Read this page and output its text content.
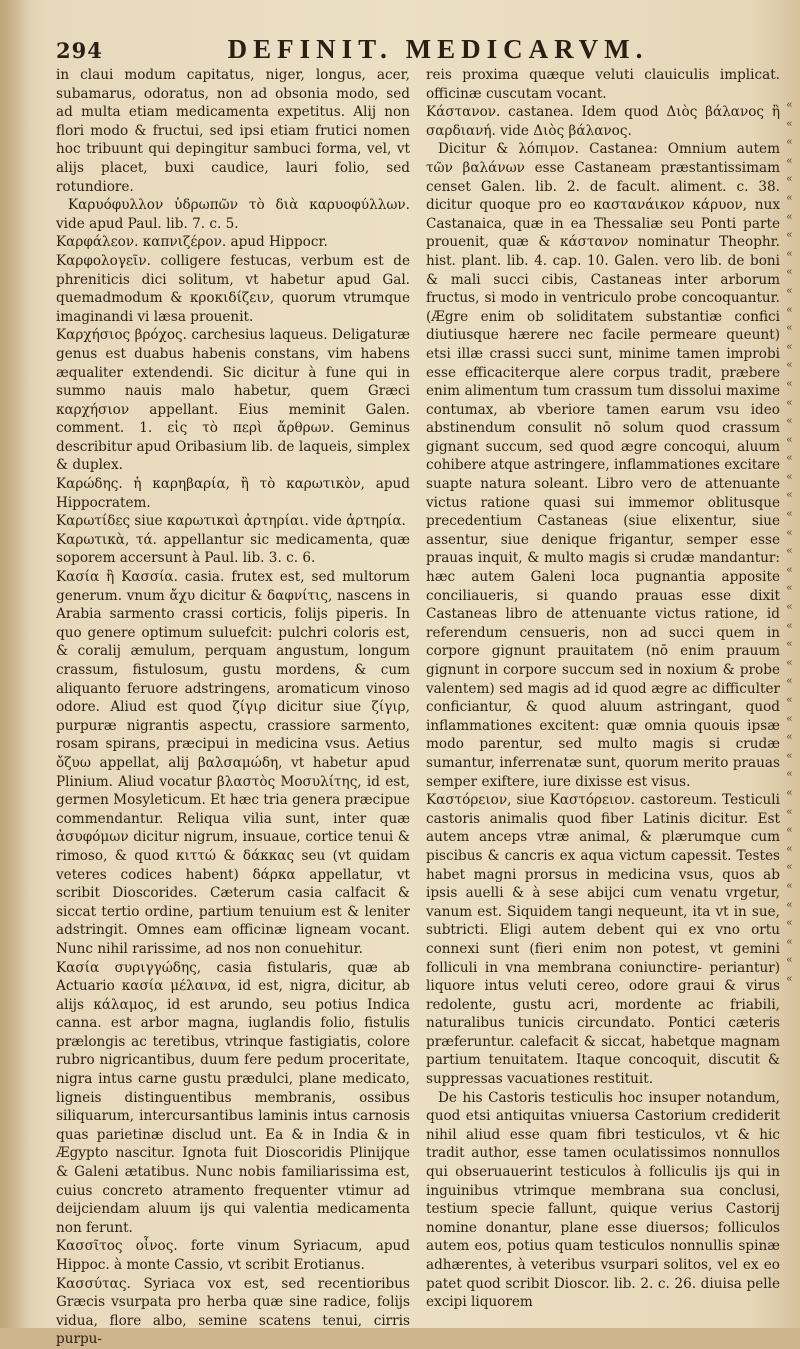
294	DEFINIT. MEDICARVM.

in claui modum capitatus, niger, longus, acer, subamarus, odoratus, non ad obsonia modo, sed ad multa etiam medicamenta expetitus. Alij non flori modo & fructui, sed ipsi etiam frutici nomen hoc tribuunt qui depingitur sambuci forma, vel, vt alijs placet, buxi caudice, lauri folio, sed rotundiore.

Καρυόφυλλον ὑδρωπῶν τὸ διὰ καρυοφύλλων. vide apud Paul. lib. 7. c. 5.

Καρφάλεον. καπνιζέρον. apud Hippocr.

Καρφολογεῖν. colligere festucas, verbum est de phreniticis dici solitum, vt habetur apud Gal. quemadmodum & κροκιδίζειν, quorum vtrumque imaginandi vi læsa prouenit.

Καρχήσιος βρόχος. carchesius laqueus. Deligaturæ genus est duabus habenis constans, vim habens æqualiter extendendi. Sic dicitur à fune qui in summo nauis malo habetur, quem Græci καρχήσιον appellant. Eius meminit Galen. comment. 1. εἰς τὸ περὶ ἄρθρων. Geminus describitur apud Oribasium lib. de laqueis, simplex & duplex.

Καρώδης. ἡ καρηβαρία, ἢ τὸ καρωτικὸν, apud Hippocratem.

Καρωτίδες siue καρωτικαὶ ἀρτηρίαι. vide ἀρτηρία.

Καρωτικὰ, τά. appellantur sic medicamenta, quæ soporem accersunt à Paul. lib. 3. c. 6.

Κασία ἢ Κασσία. casia. frutex est, sed multorum generum. vnum ἄχυ dicitur & δαφνίτις, nascens in Arabia sarmento crassi corticis, folijs piperis. In quo genere optimum suluefcit: pulchri coloris est, & coralij æmulum, perquam angustum, longum crassum, fistulosum, gustu mordens, & cum aliquanto feruore adstringens, aromaticum vinoso odore. Aliud est quod ζίγιρ dicitur siue ζίγιρ, purpuræ nigrantis aspectu, crassiore sarmento, rosam spirans, præcipui in medicina vsus. Aetius ὄζυω appellat, alij βαλσαμώδη, vt habetur apud Plinium. Aliud vocatur βλαστὸς Μοσυλίτης, id est, germen Mosyleticum. Et hæc tria genera præcipue commendantur. Reliqua vilia sunt, inter quæ ἀσυφόμων dicitur nigrum, insuaue, cortice tenui & rimoso, & quod κιττώ & δάκκας seu (vt quidam veteres codices habent) δάρκα appellatur, vt scribit Dioscorides. Cæterum casia calfacit & siccat tertio ordine, partium tenuium est & leniter adstringit. Omnes eam officinæ ligneam vocant. Nunc nihil rarissime, ad nos non conuehitur.

Κασία συριγγώδης, casia fistularis, quæ ab Actuario κασία μέλαινα, id est, nigra, dicitur, ab alijs κάλαμος, id est arundo, seu potius Indica canna. est arbor magna, iuglandis folio, fistulis prælongis ac teretibus, vtrinque fastigiatis, colore rubro nigricantibus, duum fere pedum proceritate, nigra intus carne gustu prædulci, plane medicato, ligneis distinguentibus membranis, ossibus siliquarum, intercursantibus laminis intus carnosis quas parietinæ disclud unt. Ea & in India & in Ægypto nascitur. Ignota fuit Dioscoridis Plinijque & Galeni ætatibus. Nunc nobis familiarissima est, cuius concreto atramento frequenter vtimur ad deijciendam aluum ijs qui valentia medicamenta non ferunt.

Κασσῖτος οἶνος. forte vinum Syriacum, apud Hippoc. à monte Cassio, vt scribit Erotianus.

Κασσύτας. Syriaca vox est, sed recentioribus Græcis vsurpata pro herba quæ sine radice, folijs vidua, flore albo, semine scatens tenui, cirris purpu-

reis proxima quæque veluti clauiculis implicat. officinæ cuscutam vocant.

Κάστανον. castanea. Idem quod Διὸς βάλανος ἢ σαρδιανή. vide Διὸς βάλανος.

Dicitur & λόπιμον. Castanea: Omnium autem τῶν βαλάνων esse Castaneam præstantissimam censet Galen. lib. 2. de facult. aliment. c. 38. dicitur quoque pro eo καστανάικον κάρυον, nux Castanaica, quæ in ea Thessaliæ seu Ponti parte prouenit, quæ & κάστανον nominatur Theophr. hist. plant. lib. 4. cap. 10. Galen. vero lib. de boni & mali succi cibis, Castaneas inter arborum fructus, si modo in ventriculo probe concoquantur. (Ægre enim ob soliditatem substantiæ confici diutiusque hærere nec facile permeare queunt) etsi illæ crassi succi sunt, minime tamen improbi esse efficaciterque alere corpus tradit, præbere enim alimentum tum crassum tum dissolui maxime contumax, ab vberiore tamen earum vsu ideo abstinendum consulit nō solum quod crassum gignant succum, sed quod ægre concoqui, aluum cohibere atque astringere, inflammationes excitare suapte natura soleant. Libro vero de attenuante victus ratione quasi sui immemor oblitusque precedentium Castaneas (siue elixentur, siue assentur, siue denique frigantur, semper esse prauas inquit, & multo magis si crudæ mandantur: hæc autem Galeni loca pugnantia apposite conciliaueris, si quando prauas esse dixit Castaneas libro de attenuante victus ratione, id referendum censueris, non ad succi quem in corpore gignunt prauitatem (nō enim prauum gignunt in corpore succum sed in noxium & probe valentem) sed magis ad id quod ægre ac difficulter conficiantur, & quod aluum astringant, quod inflammationes excitent: quæ omnia quouis ipsæ modo parentur, sed multo magis si crudæ sumantur, inferrenatæ sunt, quorum merito prauas semper exiftere, iure dixisse est visus.

Καστόρειον, siue Καστόρειον. castoreum. Testiculi castoris animalis quod fiber Latinis dicitur. Est autem anceps vtræ animal, & plærumque cum piscibus & cancris ex aqua victum capessit. Testes habet magni prorsus in medicina vsus, quos ab ipsis auelli & à sese abijci cum venatu vrgetur, vanum est. Siquidem tangi nequeunt, ita vt in sue, subtricti. Eligi autem debent qui ex vno ortu connexi sunt (fieri enim non potest, vt gemini folliculi in vna membrana coniunctire- periantur) liquore intus veluti cereo, odore graui & virus redolente, gustu acri, mordente ac friabili, naturalibus tunicis circundato. Pontici cæteris præferuntur. calefacit & siccat, habetque magnam partium tenuitatem. Itaque concoquit, discutit & suppressas vacuationes restituit.

De his Castoris testiculis hoc insuper notandum, quod etsi antiquitas vniuersa Castorium crediderit nihil aliud esse quam fibri testiculos, vt & hic tradit author, esse tamen oculatissimos nonnullos qui obseruauerint testiculos à folliculis ijs qui in inguinibus vtrimque membrana sua conclusi, testium specie fallunt, quique verius Castorij nomine donantur, plane esse diuersos; folliculos autem eos, potius quam testiculos nonnullis spinæ adhærentes, à veteribus vsurpari solitos, vel ex eo patet quod scribit Dioscor. lib. 2. c. 26. diuisa pelle excipi liquorem

« « « « « « « « « « « « « « « « « « « « « « « « « « « « « « « « « « « « « « « « « « « « « « « «
